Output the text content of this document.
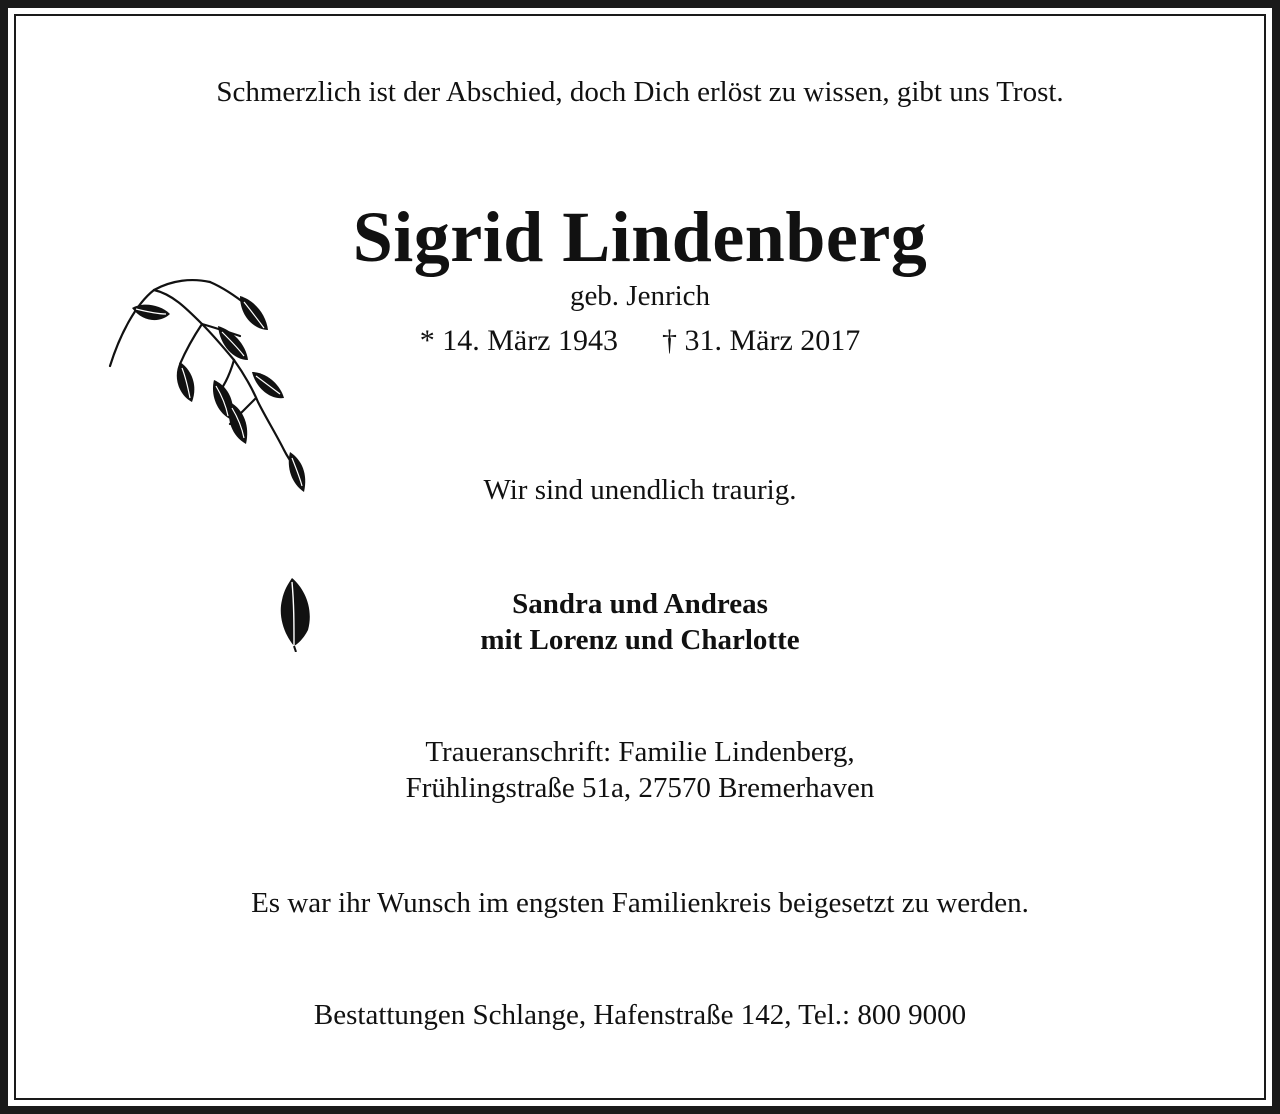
Schmerzlich ist der Abschied, doch Dich erlöst zu wissen, gibt uns Trost.
Sigrid Lindenberg
geb. Jenrich
* 14. März 1943 † 31. März 2017
Wir sind unendlich traurig.
Sandra und Andreas
mit Lorenz und Charlotte
Traueranschrift: Familie Lindenberg,
Frühlingstraße 51a, 27570 Bremerhaven
Es war ihr Wunsch im engsten Familienkreis beigesetzt zu werden.
Bestattungen Schlange, Hafenstraße 142, Tel.: 800 9000
